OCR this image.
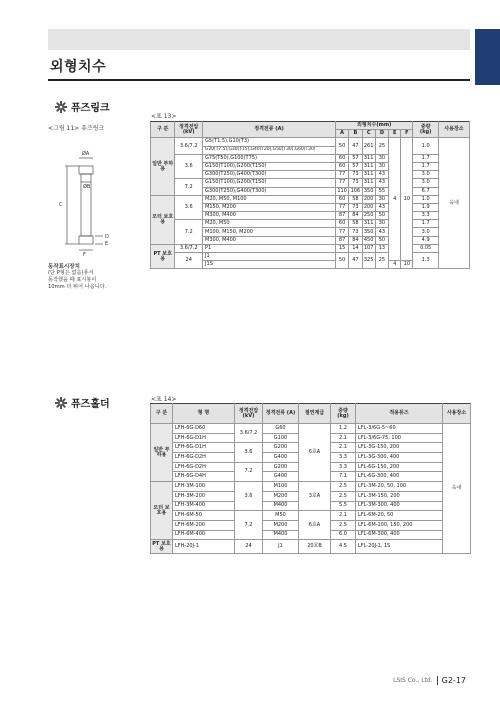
외형치수
퓨즈링크
<그림 11> 퓨즈링크
ØA
ØB
C
D
E
F
동작표시장치
(단 P형은 없음)퓨서
동작했을 때 표시봉이
10mm 더 튀어 나옵니다.
<표 13>
구 분	정격전압 (kV)	정격전류 (A)	외형치수(mm)						중량 (kg)	사용장소
			A	B	C	D	E	F		
일반 부하용	3.6/7.2	G5(T1.5),G10(T3)	50	47	261	25	4	10	1.0	옥내
		G20(T7.5),G30(T15),G40(T20),G50(T30),G60(T30)								
	3.6	G75(T50),G100(T75)	60	57	311	30			1.7	
		G150(T100),G200(T150)	60	57	311	30			1.7	
		G300(T250),G400(T300)	77	73	311	43			3.0	
	7.2	G150(T100),G200(T150)	77	73	311	43			3.0	
		G300(T250),G400(T300)	110	106	350	55			6.7	
모터 보호용	3.6	M20, M50, M100	60	58	200	30			1.0	
		M150, M200	77	73	200	43			1.9	
		M300, M400	87	84	250	50			3.3	
	7.2	M20, M50	60	58	311	30			1.7	
		M100, M150, M200	77	73	350	43			3.0	
		M300, M400	87	84	450	50			4.9	
PT 보호용	3.6/7.2	P1	15	14	107	13			0.05	
	24	J1	50	47	325	25			1.3	
		J1S					4	10		
퓨즈홀더	<표 14>
구 분	형 명	정격전압 (kV)	정격전류 (A)	절연계급	중량 (kg)	적용퓨즈	사용장소
일반 부하용	LFH-6G-D60	3.6/7.2	G60	6호A	1.2	LFL-3/6G-5~60	옥내
	LFH-6G-D1H		G100		2.1	LFL-3/6G-75, 100	
	LFH-6G-D1H	3.6	G200		2.1	LFL-3G-150, 200	
	LFH-6G-D2H		G400		3.3	LFL-3G-300, 400	
	LFH-6G-D2H	7.2	G200		3.3	LFL-6G-150, 200	
	LFH-6G-D4H		G400		7.1	LFL-6G-300, 400	
모터 보호용	LFH-3M-100	3.6	M100	3호A	2.5	LFL-3M-20, 50, 100	
	LFH-3M-200		M200		2.5	LFL-3M-150, 200	
	LFH-3M-400		M400		5.5	LFL-3M-300, 400	
	LFH-6M-50	7.2	M50	6호A	2.1	LFL-6M-20, 50	
	LFH-6M-200		M200		2.5	LFL-6M-100, 150, 200	
	LFH-6M-400		M400		6.0	LFL-6M-300, 400	
PT 보호용	LFH-20J-1	24	J1	20호B	4.5	LFL-20J-1, 1S	
LSIS Co., Ltd. G2-17
